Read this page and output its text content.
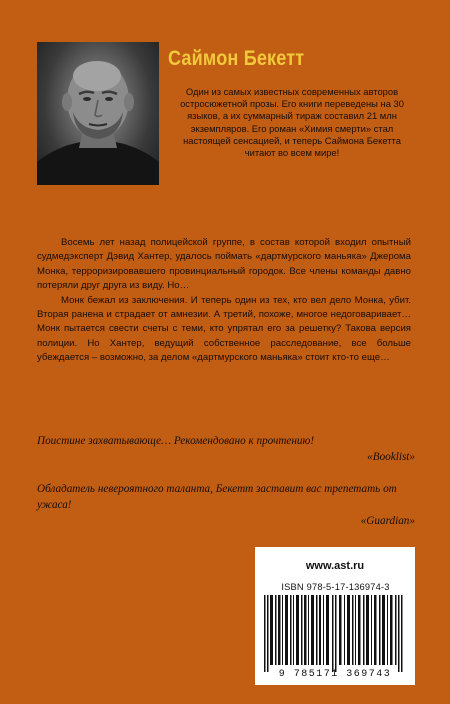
Саймон Бекетт
Один из самых известных современных авторов остросюжетной прозы. Его книги переведены на 30 языков, а их суммарный тираж составил 21 млн экземпляров. Его роман «Химия смерти» стал настоящей сенсацией, и теперь Саймона Бекетта читают во всем мире!

Восемь лет назад полицейской группе, в состав которой входил опытный судмедэксперт Дэвид Хантер, удалось поймать «дартмурского маньяка» Джерома Монка, терроризировавшего провинциальный городок. Все члены команды давно потеряли друг друга из виду. Но…

Монк бежал из заключения. И теперь один из тех, кто вел дело Монка, убит. Вторая ранена и страдает от амнезии. А третий, похоже, многое недоговаривает… Монк пытается свести счеты с теми, кто упрятал его за решетку? Такова версия полиции. Но Хантер, ведущий собственное расследование, все больше убеждается – возможно, за делом «дартмурского маньяка» стоит кто-то еще…

Поистине захватывающе… Рекомендовано к прочтению!
«Booklist»
Обладатель невероятного таланта, Бекетт заставит вас трепетать от ужаса!
«Guardian»
www.ast.ru
ISBN 978-5-17-136974-3
9 785171 369743
